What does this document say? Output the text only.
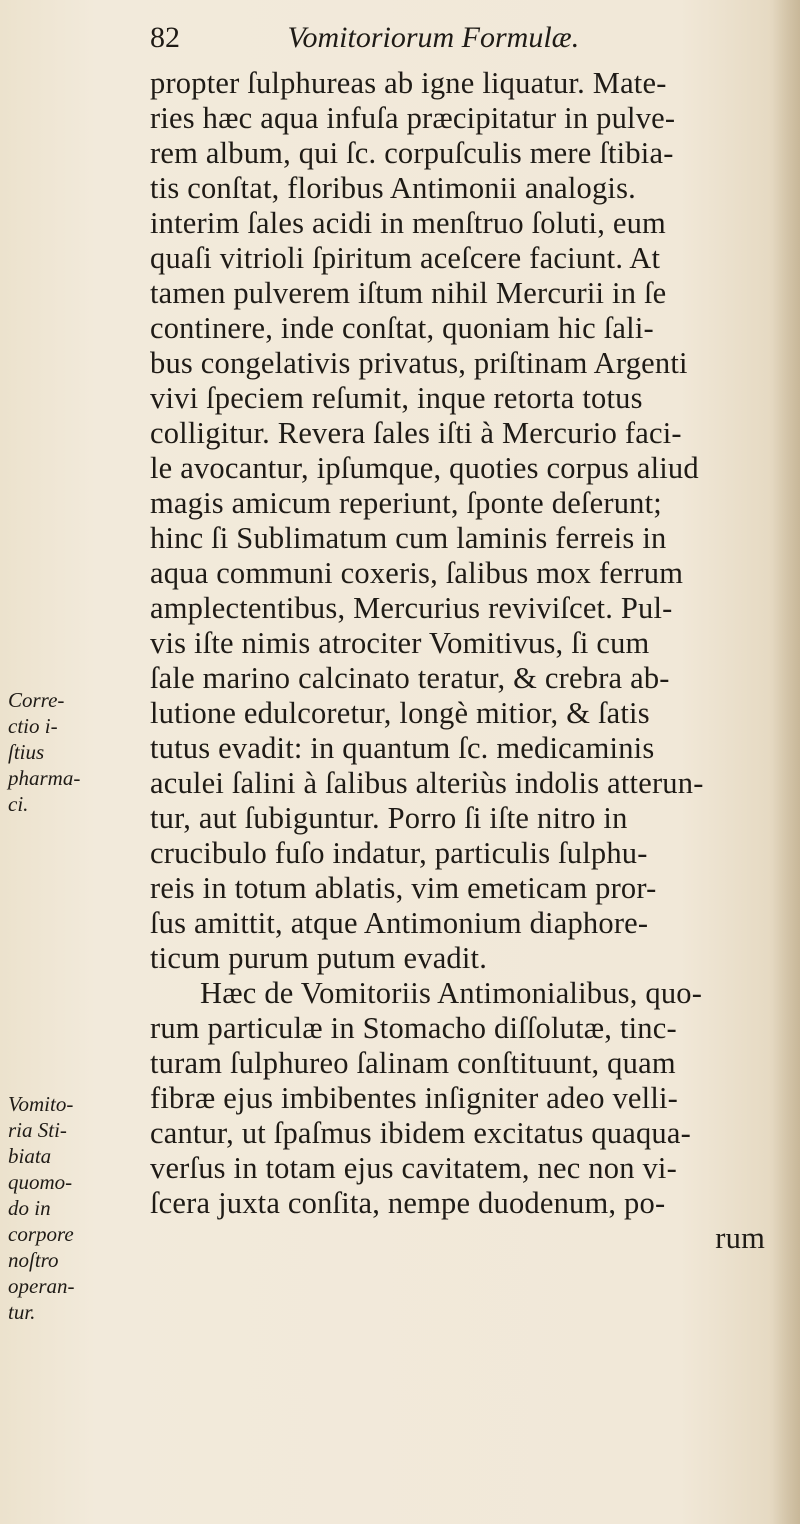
82	Vomitoriorum Formulæ.
propter ſulphureas ab igne liquatur. Mate-
ries hæc aqua infuſa præcipitatur in pulve-
rem album, qui ſc. corpuſculis mere ſtibia-
tis conſtat, floribus Antimonii analogis.
interim ſales acidi in menſtruo ſoluti, eum
quaſi vitrioli ſpiritum aceſcere faciunt. At
tamen pulverem iſtum nihil Mercurii in ſe
continere, inde conſtat, quoniam hic ſali-
bus congelativis privatus, priſtinam Argenti
vivi ſpeciem reſumit, inque retorta totus
colligitur. Revera ſales iſti à Mercurio faci-
le avocantur, ipſumque, quoties corpus aliud
magis amicum reperiunt, ſponte deſerunt;
hinc ſi Sublimatum cum laminis ferreis in
aqua communi coxeris, ſalibus mox ferrum
amplectentibus, Mercurius reviviſcet. Pul-
vis iſte nimis atrociter Vomitivus, ſi cum
ſale marino calcinato teratur, & crebra ab-
lutione edulcoretur, longè mitior, & ſatis
tutus evadit: in quantum ſc. medicaminis
aculei ſalini à ſalibus alteriùs indolis atterun-
tur, aut ſubiguntur. Porro ſi iſte nitro in
crucibulo fuſo indatur, particulis ſulphu-
reis in totum ablatis, vim emeticam pror-
ſus amittit, atque Antimonium diaphore-
ticum purum putum evadit.
Hæc de Vomitoriis Antimonialibus, quo-
rum particulæ in Stomacho diſſolutæ, tinc-
turam ſulphureo ſalinam conſtituunt, quam
fibræ ejus imbibentes inſigniter adeo velli-
cantur, ut ſpaſmus ibidem excitatus quaqua-
verſus in totam ejus cavitatem, nec non vi-
ſcera juxta conſita, nempe duodenum, po-
rum
Corre-
ctio i-
ſtius
pharma-
ci.
Vomito-
ria Sti-
biata
quomo-
do in
corpore
noſtro
operan-
tur.
